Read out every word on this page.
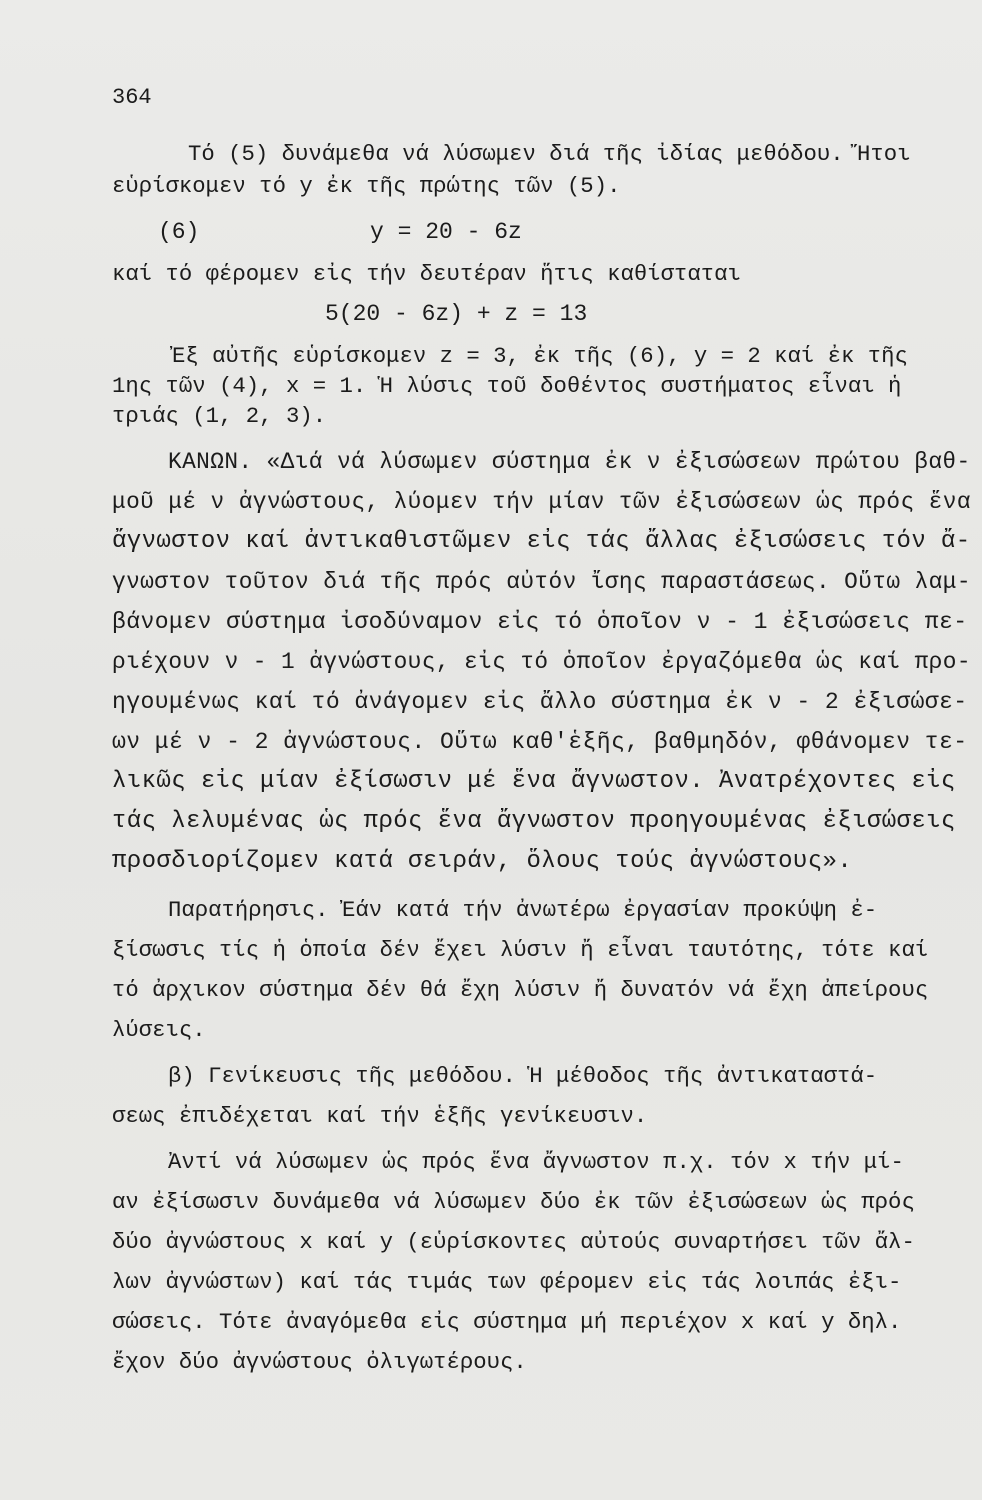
364
Τό (5) δυνάμεθα νά λύσωμεν διά τῆς ἰδίας μεθόδου. Ἤτοι
εὑρίσκομεν τό y ἐκ τῆς πρώτης τῶν (5).
(6)	y = 20 - 6z
καί τό φέρομεν εἰς τήν δευτέραν ἥτις καθίσταται
5(20 - 6z) + z = 13
Ἐξ αὐτῆς εὑρίσκομεν z = 3, ἐκ τῆς (6), y = 2 καί ἐκ τῆς
1ης τῶν (4), x = 1. Ἡ λύσις τοῦ δοθέντος συστήματος εἶναι ἡ
τριάς (1, 2, 3).
ΚΑΝΩΝ. «Διά νά λύσωμεν σύστημα ἐκ ν ἐξισώσεων πρώτου βαθ-
μοῦ μέ ν ἀγνώστους, λύομεν τήν μίαν τῶν ἐξισώσεων ὡς πρός ἕνα
ἄγνωστον καί ἀντικαθιστῶμεν εἰς τάς ἄλλας ἐξισώσεις τόν ἄ-
γνωστον τοῦτον διά τῆς πρός αὐτόν ἴσης παραστάσεως. Οὕτω λαμ-
βάνομεν σύστημα ἰσοδύναμον εἰς τό ὁποῖον ν - 1 ἐξισώσεις πε-
ριέχουν ν - 1 ἀγνώστους, εἰς τό ὁποῖον ἐργαζόμεθα ὡς καί προ-
ηγουμένως καί τό ἀνάγομεν εἰς ἄλλο σύστημα ἐκ ν - 2 ἐξισώσε-
ων μέ ν - 2 ἀγνώστους. Οὕτω καθ'ἑξῆς, βαθμηδόν, φθάνομεν τε-
λικῶς εἰς μίαν ἐξίσωσιν μέ ἕνα ἄγνωστον. Ἀνατρέχοντες εἰς
τάς λελυμένας ὡς πρός ἕνα ἄγνωστον προηγουμένας ἐξισώσεις
προσδιορίζομεν κατά σειράν, ὅλους τούς ἀγνώστους».
Παρατήρησις. Ἐάν κατά τήν ἀνωτέρω ἐργασίαν προκύψη ἐ-
ξίσωσις τίς ἡ ὁποία δέν ἔχει λύσιν ἤ εἶναι ταυτότης, τότε καί
τό ἀρχικον σύστημα δέν θά ἔχη λύσιν ἤ δυνατόν νά ἔχη ἀπείρους
λύσεις.
β) Γενίκευσις τῆς μεθόδου. Ἡ μέθοδος τῆς ἀντικαταστά-
σεως ἐπιδέχεται καί τήν ἑξῆς γενίκευσιν.
Ἀντί νά λύσωμεν ὡς πρός ἕνα ἄγνωστον π.χ. τόν x τήν μί-
αν ἐξίσωσιν δυνάμεθα νά λύσωμεν δύο ἐκ τῶν ἐξισώσεων ὡς πρός
δύο ἀγνώστους x καί y (εὑρίσκοντες αὐτούς συναρτήσει τῶν ἄλ-
λων ἀγνώστων) καί τάς τιμάς των φέρομεν εἰς τάς λοιπάς ἐξι-
σώσεις. Τότε ἀναγόμεθα εἰς σύστημα μή περιέχον x καί y δηλ.
ἔχον δύο ἀγνώστους ὀλιγωτέρους.
